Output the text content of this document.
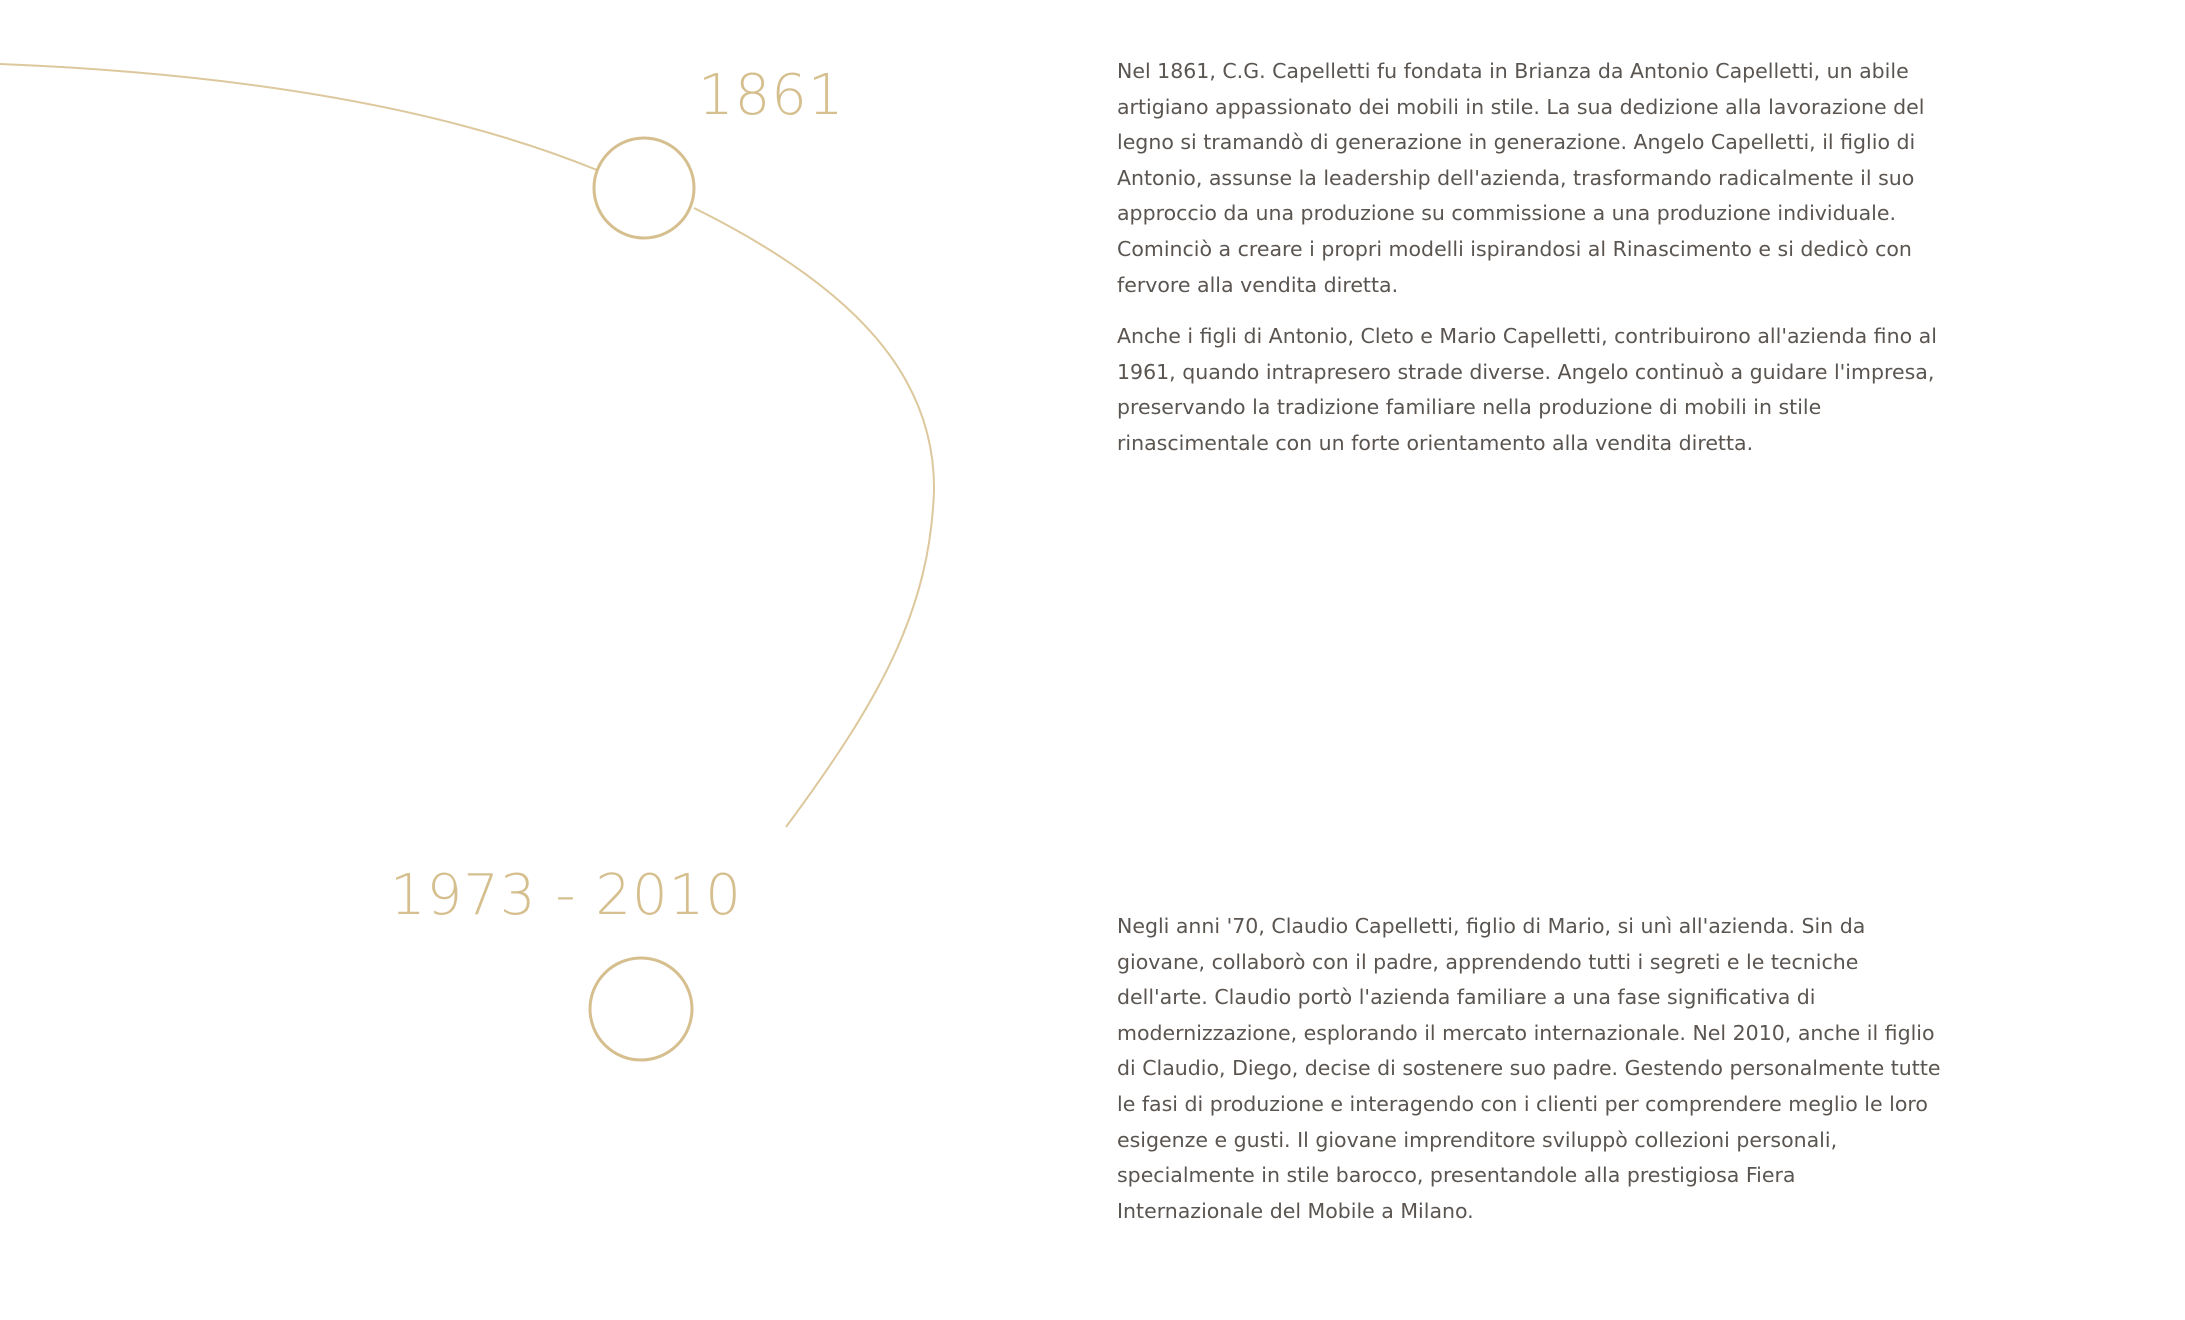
1861	Nel 1861, C.G. Capelletti fu fondata in Brianza da Antonio Capelletti, un abile artigiano appassionato dei mobili in stile. La sua dedizione alla lavorazione del legno si tramandò di generazione in generazione. Angelo Capelletti, il figlio di Antonio, assunse la leadership dell'azienda, trasformando radicalmente il suo approccio da una produzione su commissione a una produzione individuale. Cominciò a creare i propri modelli ispirandosi al Rinascimento e si dedicò con fervore alla vendita diretta.

Anche i figli di Antonio, Cleto e Mario Capelletti, contribuirono all'azienda fino al 1961, quando intrapresero strade diverse. Angelo continuò a guidare l'impresa, preservando la tradizione familiare nella produzione di mobili in stile rinascimentale con un forte orientamento alla vendita diretta.

1973 - 2010	Negli anni '70, Claudio Capelletti, figlio di Mario, si unì all'azienda. Sin da giovane, collaborò con il padre, apprendendo tutti i segreti e le tecniche dell'arte. Claudio portò l'azienda familiare a una fase significativa di modernizzazione, esplorando il mercato internazionale. Nel 2010, anche il figlio di Claudio, Diego, decise di sostenere suo padre. Gestendo personalmente tutte le fasi di produzione e interagendo con i clienti per comprendere meglio le loro esigenze e gusti. Il giovane imprenditore sviluppò collezioni personali, specialmente in stile barocco, presentandole alla prestigiosa Fiera Internazionale del Mobile a Milano.
